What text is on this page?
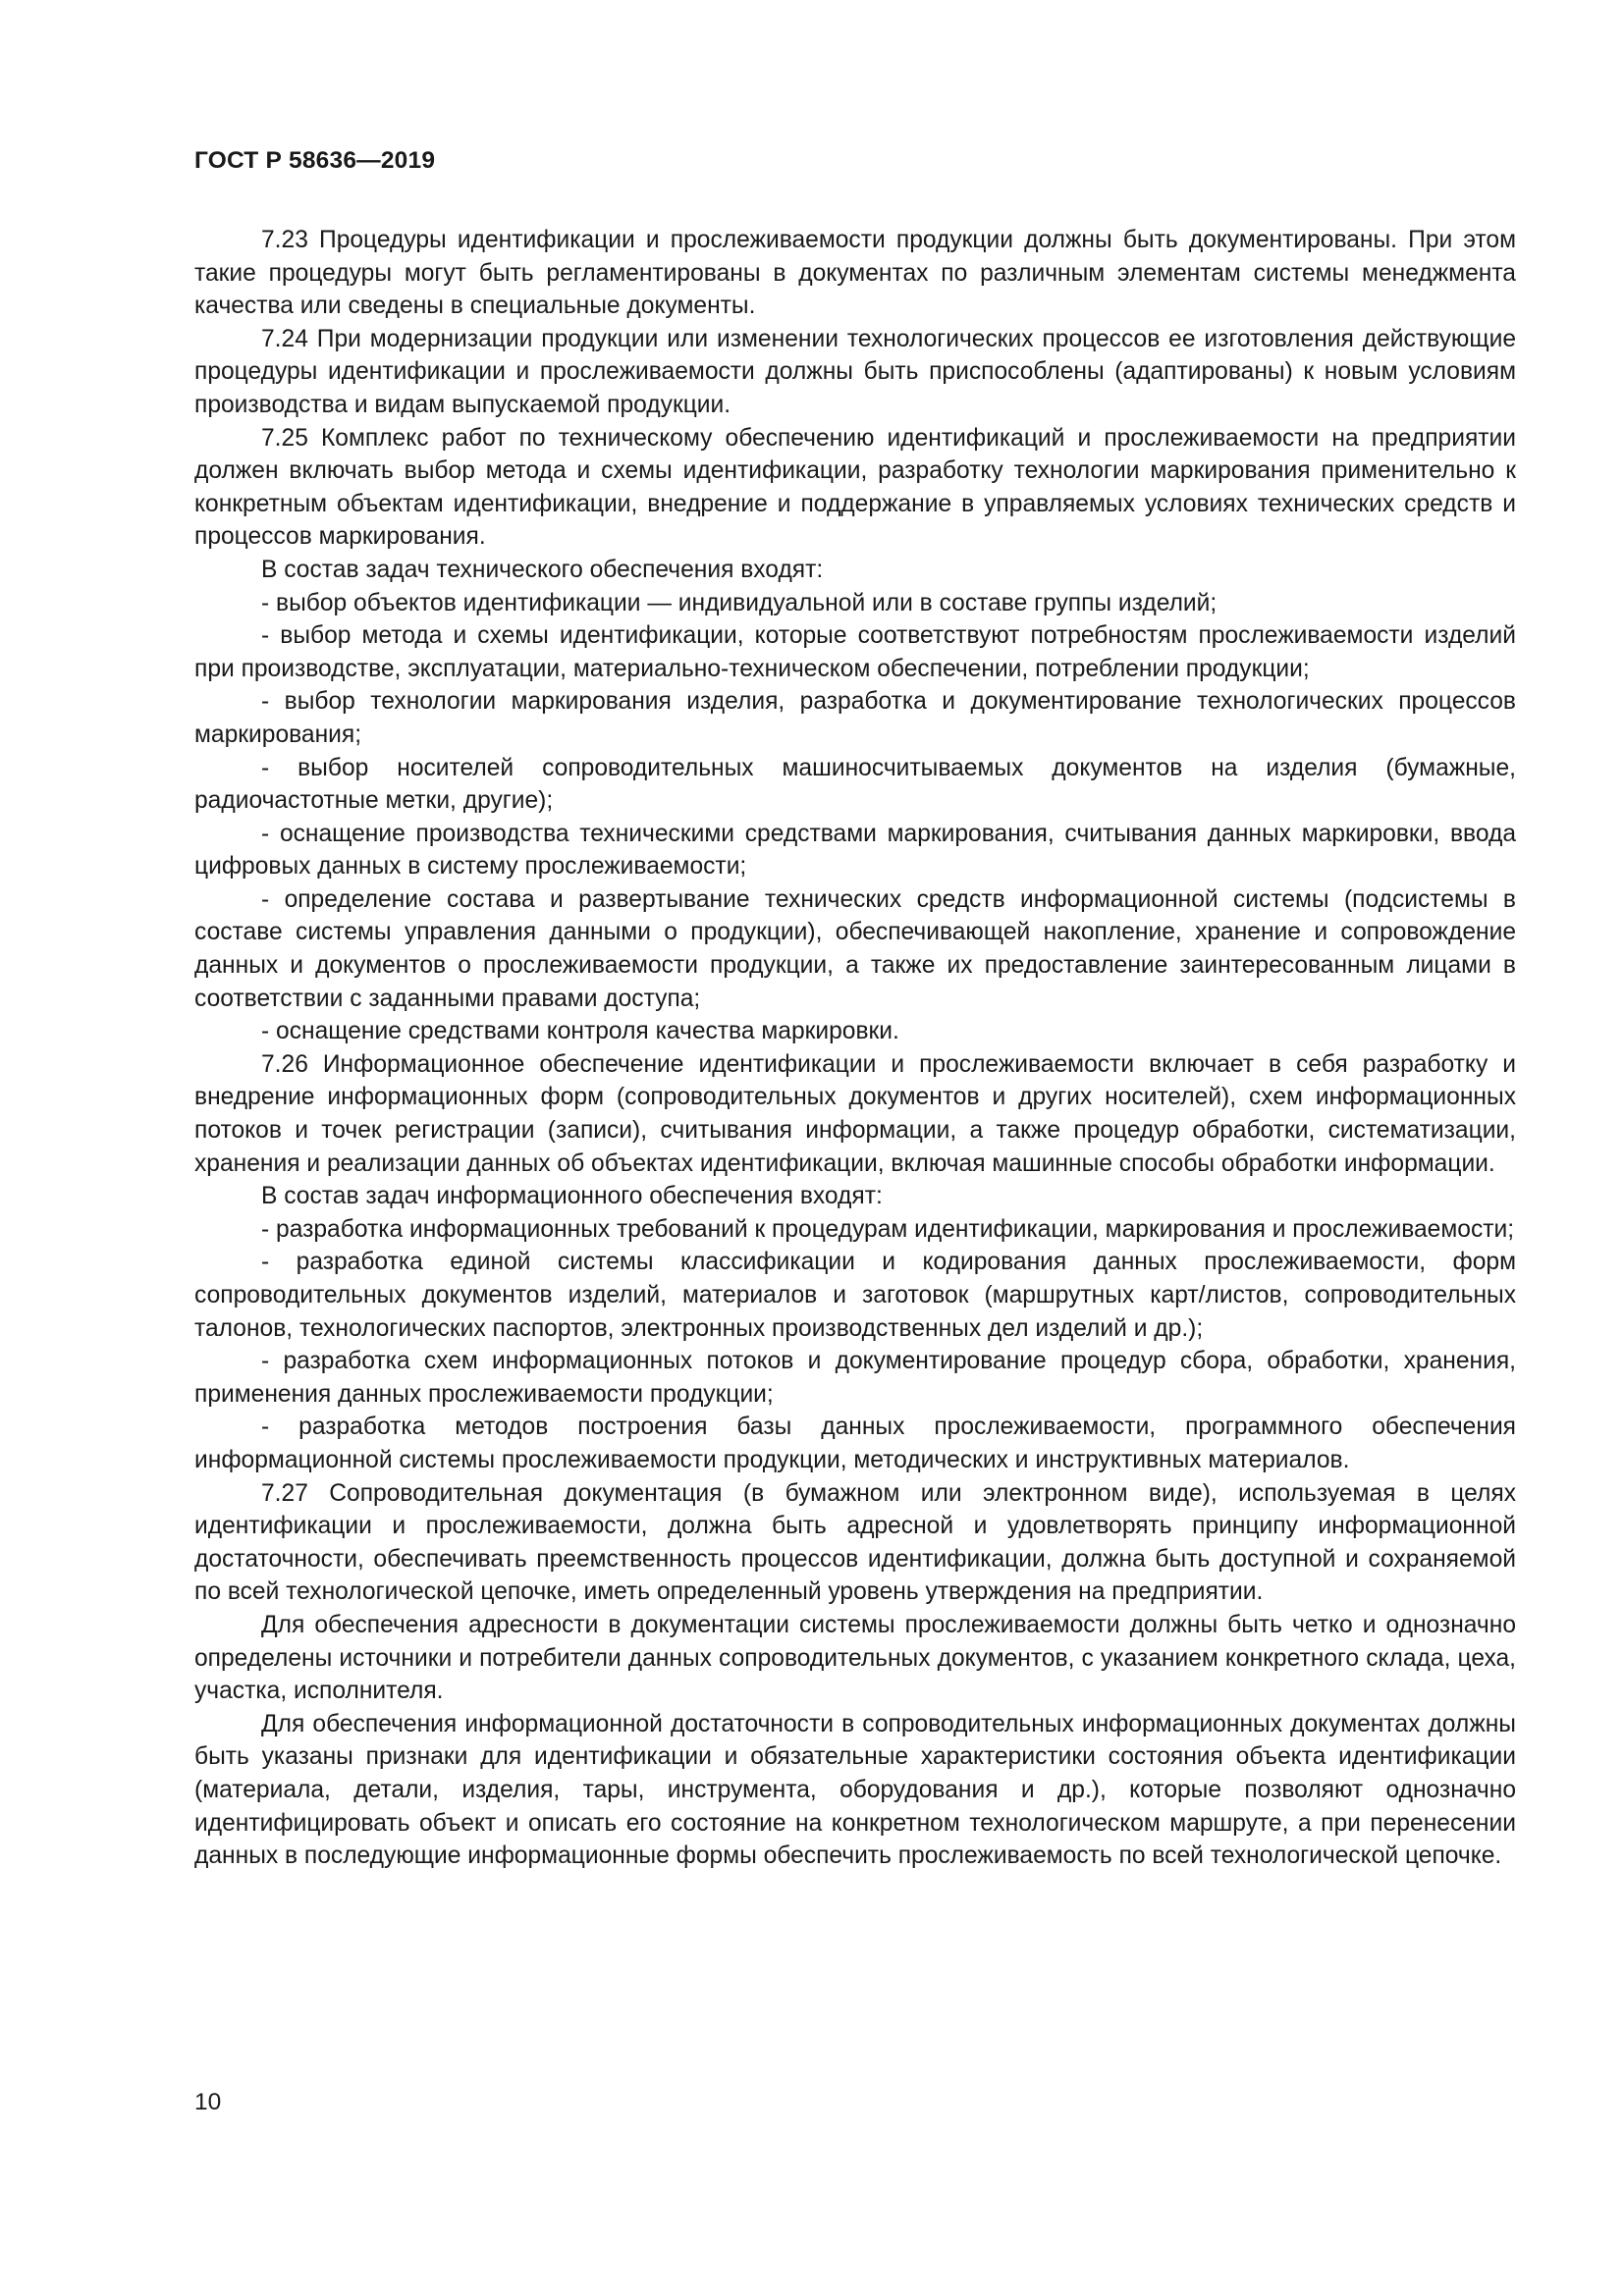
ГОСТ Р 58636—2019

7.23 Процедуры идентификации и прослеживаемости продукции должны быть документированы. При этом такие процедуры могут быть регламентированы в документах по различным элементам системы менеджмента качества или сведены в специальные документы.

7.24 При модернизации продукции или изменении технологических процессов ее изготовления действующие процедуры идентификации и прослеживаемости должны быть приспособлены (адаптированы) к новым условиям производства и видам выпускаемой продукции.

7.25 Комплекс работ по техническому обеспечению идентификаций и прослеживаемости на предприятии должен включать выбор метода и схемы идентификации, разработку технологии маркирования применительно к конкретным объектам идентификации, внедрение и поддержание в управляемых условиях технических средств и процессов маркирования.

В состав задач технического обеспечения входят:

- выбор объектов идентификации — индивидуальной или в составе группы изделий;

- выбор метода и схемы идентификации, которые соответствуют потребностям прослеживаемости изделий при производстве, эксплуатации, материально-техническом обеспечении, потреблении продукции;

- выбор технологии маркирования изделия, разработка и документирование технологических процессов маркирования;

- выбор носителей сопроводительных машиносчитываемых документов на изделия (бумажные, радиочастотные метки, другие);

- оснащение производства техническими средствами маркирования, считывания данных маркировки, ввода цифровых данных в систему прослеживаемости;

- определение состава и развертывание технических средств информационной системы (подсистемы в составе системы управления данными о продукции), обеспечивающей накопление, хранение и сопровождение данных и документов о прослеживаемости продукции, а также их предоставление заинтересованным лицами в соответствии с заданными правами доступа;

- оснащение средствами контроля качества маркировки.

7.26 Информационное обеспечение идентификации и прослеживаемости включает в себя разработку и внедрение информационных форм (сопроводительных документов и других носителей), схем информационных потоков и точек регистрации (записи), считывания информации, а также процедур обработки, систематизации, хранения и реализации данных об объектах идентификации, включая машинные способы обработки информации.

В состав задач информационного обеспечения входят:

- разработка информационных требований к процедурам идентификации, маркирования и прослеживаемости;

- разработка единой системы классификации и кодирования данных прослеживаемости, форм сопроводительных документов изделий, материалов и заготовок (маршрутных карт/листов, сопроводительных талонов, технологических паспортов, электронных производственных дел изделий и др.);

- разработка схем информационных потоков и документирование процедур сбора, обработки, хранения, применения данных прослеживаемости продукции;

- разработка методов построения базы данных прослеживаемости, программного обеспечения информационной системы прослеживаемости продукции, методических и инструктивных материалов.

7.27 Сопроводительная документация (в бумажном или электронном виде), используемая в целях идентификации и прослеживаемости, должна быть адресной и удовлетворять принципу информационной достаточности, обеспечивать преемственность процессов идентификации, должна быть доступной и сохраняемой по всей технологической цепочке, иметь определенный уровень утверждения на предприятии.

Для обеспечения адресности в документации системы прослеживаемости должны быть четко и однозначно определены источники и потребители данных сопроводительных документов, с указанием конкретного склада, цеха, участка, исполнителя.

Для обеспечения информационной достаточности в сопроводительных информационных документах должны быть указаны признаки для идентификации и обязательные характеристики состояния объекта идентификации (материала, детали, изделия, тары, инструмента, оборудования и др.), которые позволяют однозначно идентифицировать объект и описать его состояние на конкретном технологическом маршруте, а при перенесении данных в последующие информационные формы обеспечить прослеживаемость по всей технологической цепочке.

10
